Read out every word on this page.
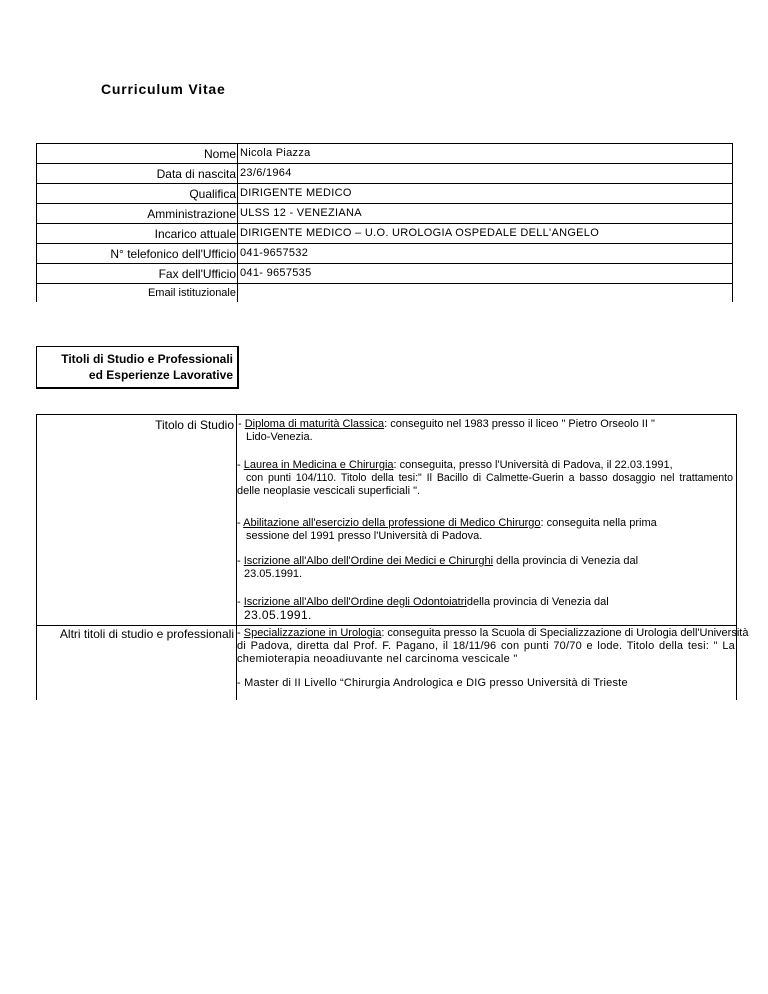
Curriculum Vitae
Nome Nicola Piazza
Data di nascita 23/6/1964
Qualifica DIRIGENTE MEDICO
Amministrazione ULSS 12 - VENEZIANA
Incarico attuale DIRIGENTE MEDICO – U.O. UROLOGIA OSPEDALE DELL'ANGELO
N° telefonico dell'Ufficio 041-9657532
Fax dell'Ufficio 041- 9657535
Email istituzionale
Titoli di Studio e Professionali
ed Esperienze Lavorative
Titolo di Studio
Altri titoli di studio e professionali
- Diploma di maturità Classica: conseguito nel 1983 presso il liceo " Pietro Orseolo II "
Lido-Venezia.
- Laurea in Medicina e Chirurgia: conseguita, presso l'Università di Padova, il 22.03.1991,
con punti 104/110. Titolo della tesi:" Il Bacillo di Calmette-Guerin a basso dosaggio nel trattamento
delle neoplasie vescicali superficiali ".
- Abilitazione all'esercizio della professione di Medico Chirurgo: conseguita nella prima
sessione del 1991 presso l'Università di Padova.
- Iscrizione all'Albo dell'Ordine dei Medici e Chirurghi della provincia di Venezia dal
23.05.1991.
- Iscrizione all'Albo dell'Ordine degli Odontoiatridella provincia di Venezia dal
23.05.1991.
- Specializzazione in Urologia: conseguita presso la Scuola di Specializzazione di Urologia dell'Università
di Padova, diretta dal Prof. F. Pagano, il 18/11/96 con punti 70/70 e lode. Titolo della tesi: " La
chemioterapia neoadiuvante nel carcinoma vescicale "
- Master di II Livello “Chirurgia Andrologica e DIG presso Università di Trieste
